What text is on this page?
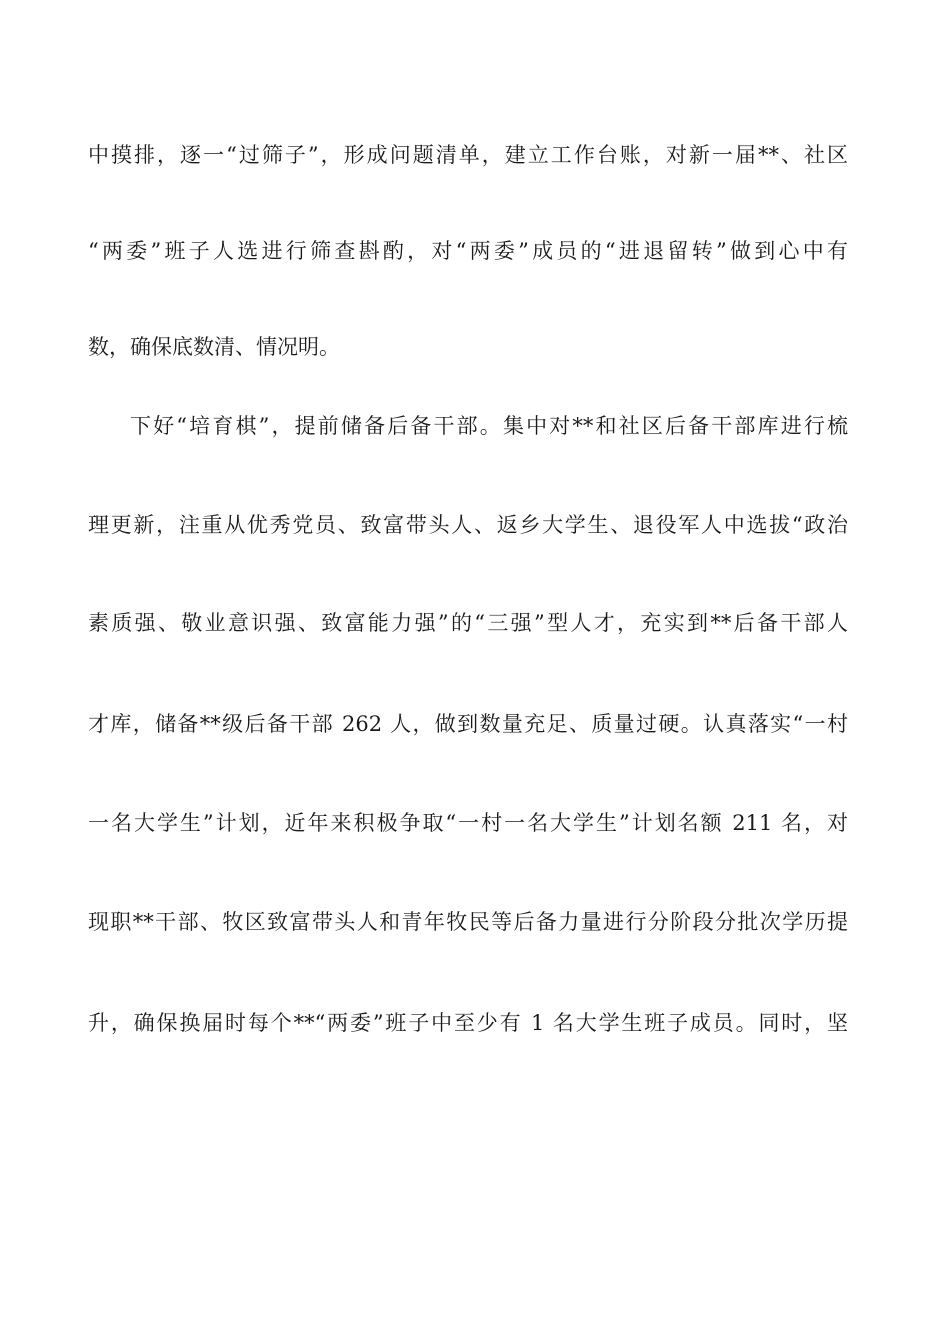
中摸排，逐一“过筛子”，形成问题清单，建立工作台账，对新一届**、社区
“两委”班子人选进行筛查斟酌，对“两委”成员的“进退留转”做到心中有
数，确保底数清、情况明。
下好“培育棋”，提前储备后备干部。集中对**和社区后备干部库进行梳
理更新，注重从优秀党员、致富带头人、返乡大学生、退役军人中选拔“政治
素质强、敬业意识强、致富能力强”的“三强”型人才，充实到**后备干部人
才库，储备**级后备干部 262 人，做到数量充足、质量过硬。认真落实“一村
一名大学生”计划，近年来积极争取“一村一名大学生”计划名额 211 名，对
现职**干部、牧区致富带头人和青年牧民等后备力量进行分阶段分批次学历提
升，确保换届时每个**“两委”班子中至少有 1 名大学生班子成员。同时，坚
